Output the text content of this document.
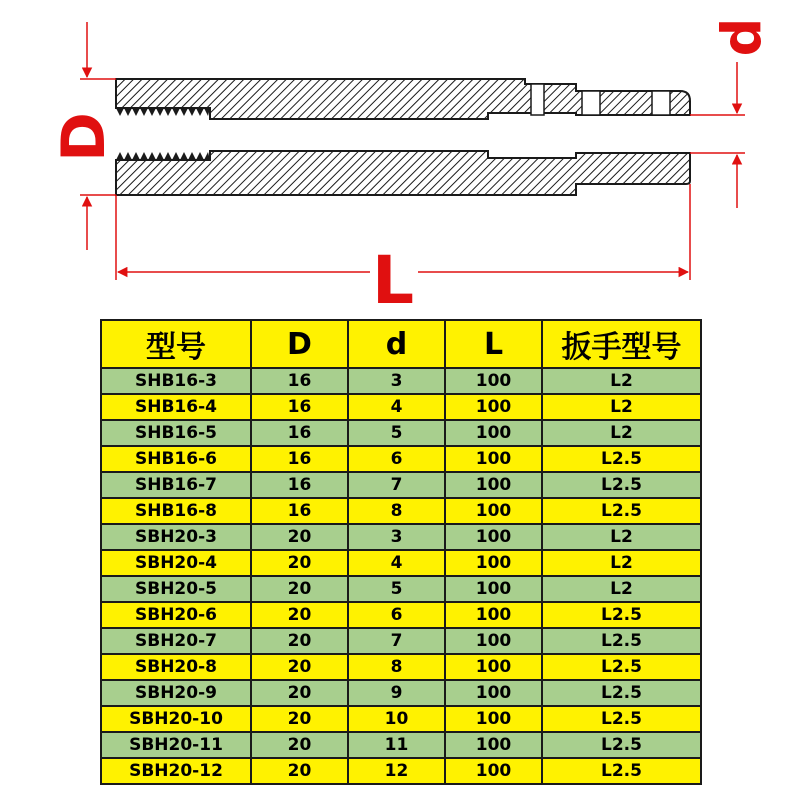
D
d
L
型号	D	d	L	扳手型号
SHB16-3	16	3	100	L2
SHB16-4	16	4	100	L2
SHB16-5	16	5	100	L2
SHB16-6	16	6	100	L2.5
SHB16-7	16	7	100	L2.5
SHB16-8	16	8	100	L2.5
SBH20-3	20	3	100	L2
SBH20-4	20	4	100	L2
SBH20-5	20	5	100	L2
SBH20-6	20	6	100	L2.5
SBH20-7	20	7	100	L2.5
SBH20-8	20	8	100	L2.5
SBH20-9	20	9	100	L2.5
SBH20-10	20	10	100	L2.5
SBH20-11	20	11	100	L2.5
SBH20-12	20	12	100	L2.5
